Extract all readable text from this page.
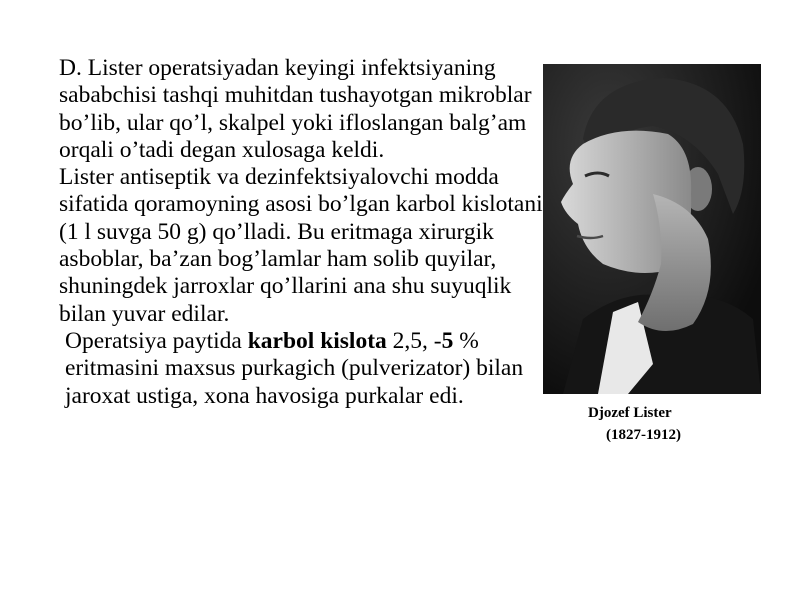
D. Lister operatsiyadan keyingi infektsiyaning sababchisi tashqi muhitdan tushayotgan mikroblar bo’lib, ular qo’l, skalpel yoki ifloslangan balg’am orqali o’tadi degan xulosaga keldi.

Lister antiseptik va dezinfektsiyalovchi modda sifatida qoramoyning asosi bo’lgan karbol kislotani (1 l suvga 50 g) qo’lladi. Bu eritmaga xirurgik asboblar, ba’zan bog’lamlar ham solib quyilar, shuningdek jarroxlar qo’llarini ana shu suyuqlik bilan yuvar edilar.

Operatsiya paytida karbol kislota 2,5, -5 % eritmasini maxsus purkagich (pulverizator) bilan jaroxat ustiga, xona havosiga purkalar edi.

Djozef Lister
(1827-1912)
